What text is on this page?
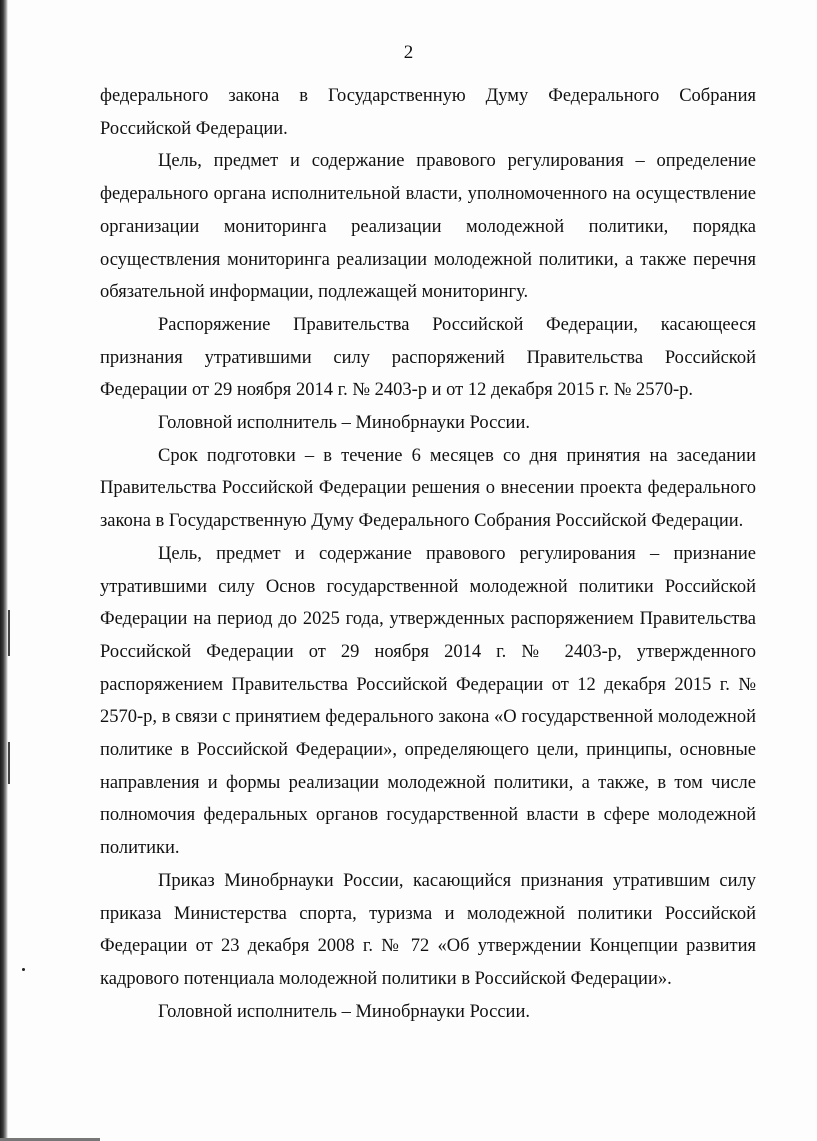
2

федерального закона в Государственную Думу Федерального Собрания Российской Федерации.

Цель, предмет и содержание правового регулирования – определение федерального органа исполнительной власти, уполномоченного на осуществление организации мониторинга реализации молодежной политики, порядка осуществления мониторинга реализации молодежной политики, а также перечня обязательной информации, подлежащей мониторингу.

Распоряжение Правительства Российской Федерации, касающееся признания утратившими силу распоряжений Правительства Российской Федерации от 29 ноября 2014 г. № 2403-р и от 12 декабря 2015 г. № 2570-р.

Головной исполнитель – Минобрнауки России.

Срок подготовки – в течение 6 месяцев со дня принятия на заседании Правительства Российской Федерации решения о внесении проекта федерального закона в Государственную Думу Федерального Собрания Российской Федерации.

Цель, предмет и содержание правового регулирования – признание утратившими силу Основ государственной молодежной политики Российской Федерации на период до 2025 года, утвержденных распоряжением Правительства Российской Федерации от 29 ноября 2014 г. № 2403-р, утвержденного распоряжением Правительства Российской Федерации от 12 декабря 2015 г. № 2570-р, в связи с принятием федерального закона «О государственной молодежной политике в Российской Федерации», определяющего цели, принципы, основные направления и формы реализации молодежной политики, а также, в том числе полномочия федеральных органов государственной власти в сфере молодежной политики.

Приказ Минобрнауки России, касающийся признания утратившим силу приказа Министерства спорта, туризма и молодежной политики Российской Федерации от 23 декабря 2008 г. № 72 «Об утверждении Концепции развития кадрового потенциала молодежной политики в Российской Федерации».

Головной исполнитель – Минобрнауки России.
